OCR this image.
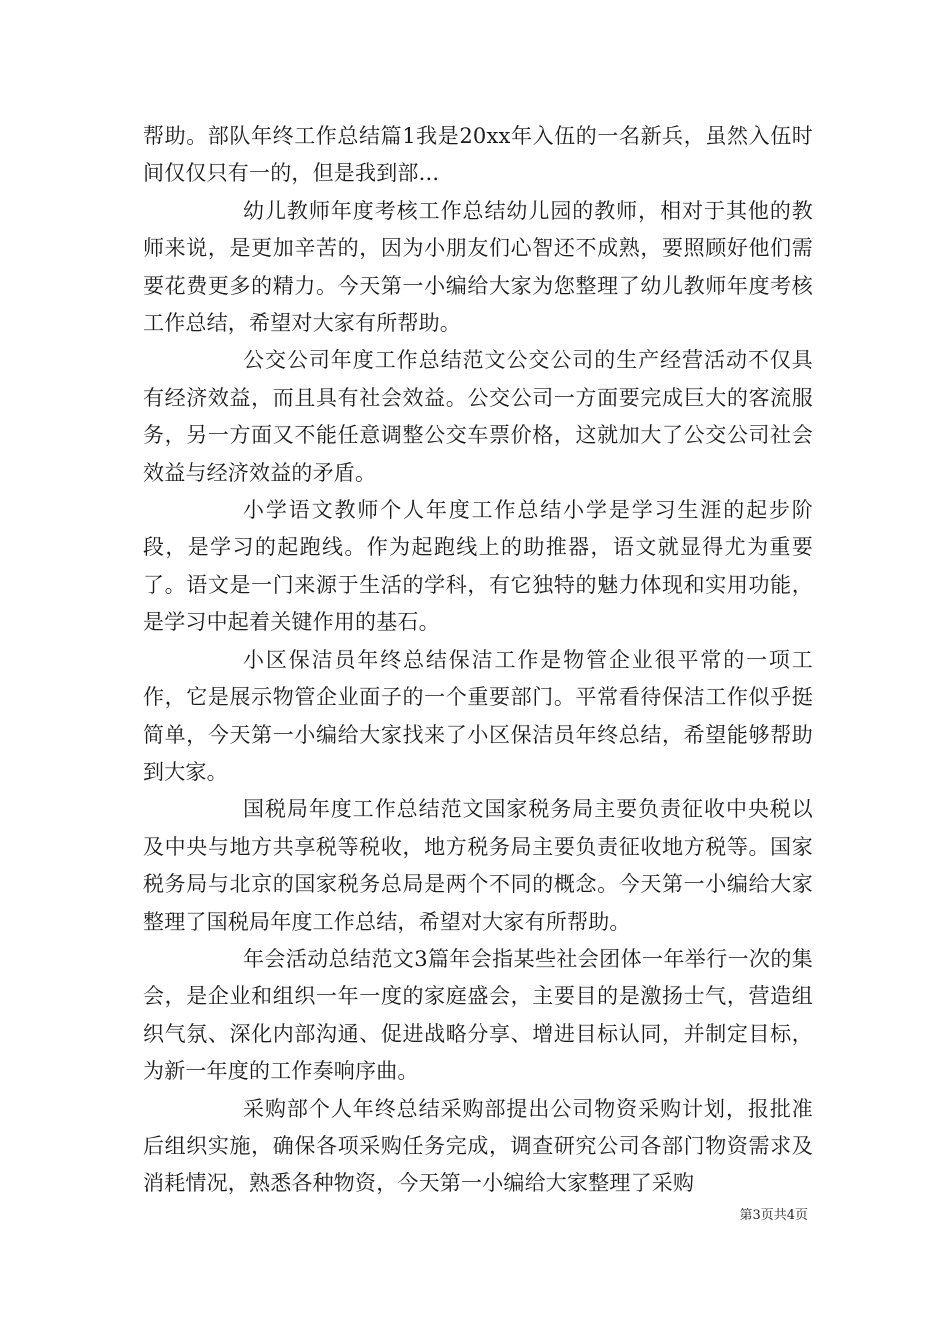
帮助。部队年终工作总结篇1我是20xx年入伍的一名新兵，虽然入伍时间仅仅只有一的，但是我到部...

幼儿教师年度考核工作总结幼儿园的教师，相对于其他的教师来说，是更加辛苦的，因为小朋友们心智还不成熟，要照顾好他们需要花费更多的精力。今天第一小编给大家为您整理了幼儿教师年度考核工作总结，希望对大家有所帮助。

公交公司年度工作总结范文公交公司的生产经营活动不仅具有经济效益，而且具有社会效益。公交公司一方面要完成巨大的客流服务，另一方面又不能任意调整公交车票价格，这就加大了公交公司社会效益与经济效益的矛盾。

小学语文教师个人年度工作总结小学是学习生涯的起步阶段，是学习的起跑线。作为起跑线上的助推器，语文就显得尤为重要了。语文是一门来源于生活的学科，有它独特的魅力体现和实用功能，是学习中起着关键作用的基石。

小区保洁员年终总结保洁工作是物管企业很平常的一项工作，它是展示物管企业面子的一个重要部门。平常看待保洁工作似乎挺简单，今天第一小编给大家找来了小区保洁员年终总结，希望能够帮助到大家。

国税局年度工作总结范文国家税务局主要负责征收中央税以及中央与地方共享税等税收，地方税务局主要负责征收地方税等。国家税务局与北京的国家税务总局是两个不同的概念。今天第一小编给大家整理了国税局年度工作总结，希望对大家有所帮助。

年会活动总结范文3篇年会指某些社会团体一年举行一次的集会，是企业和组织一年一度的家庭盛会，主要目的是激扬士气，营造组织气氛、深化内部沟通、促进战略分享、增进目标认同，并制定目标，为新一年度的工作奏响序曲。

采购部个人年终总结采购部提出公司物资采购计划，报批准后组织实施，确保各项采购任务完成，调查研究公司各部门物资需求及消耗情况，熟悉各种物资，今天第一小编给大家整理了采购

第3页共4页
